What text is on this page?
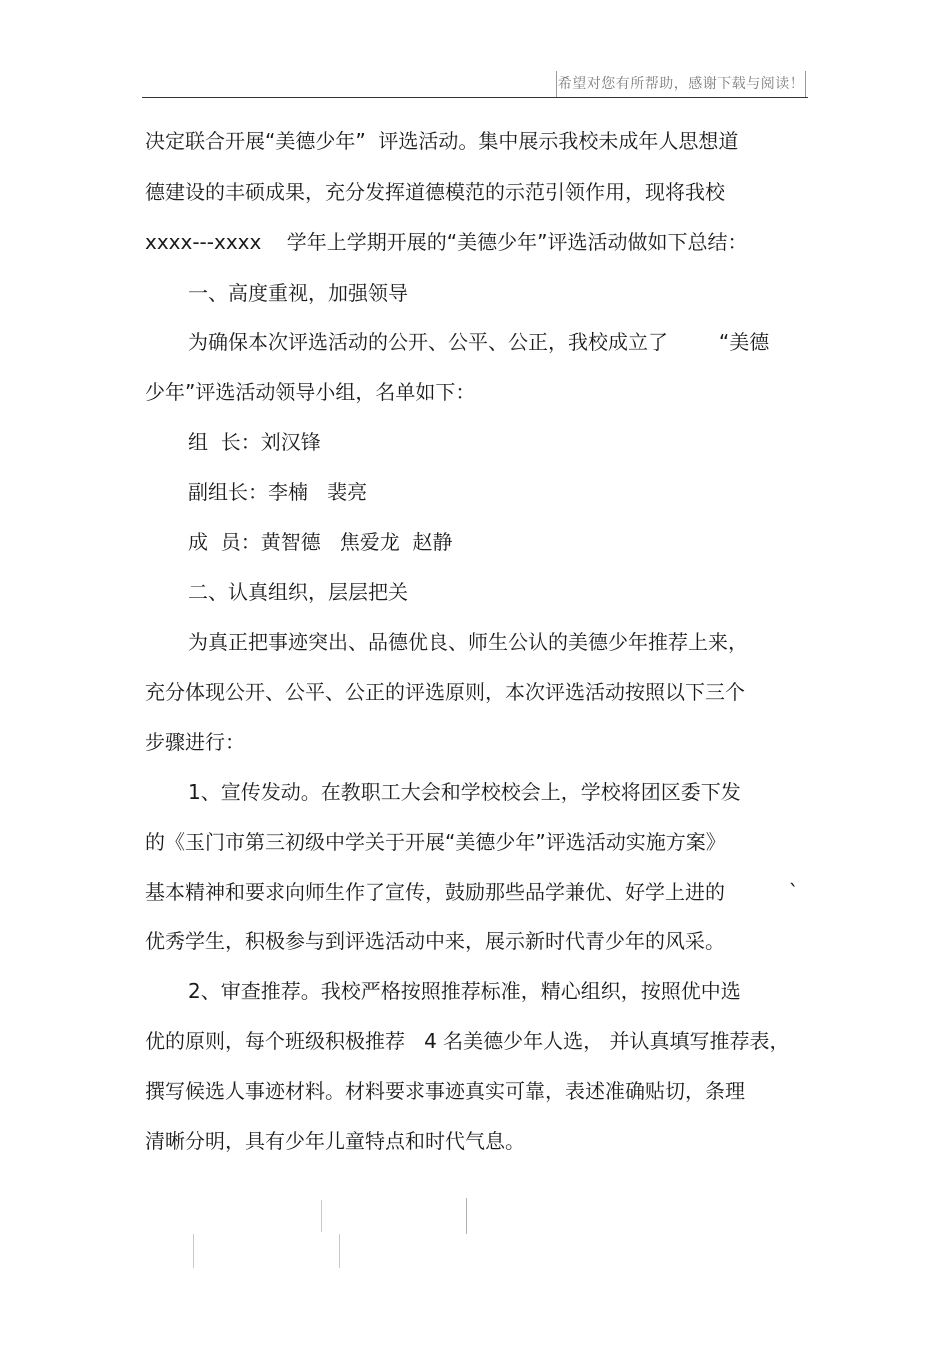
希望对您有所帮助，感谢下载与阅读！
决定联合开展“美德少年”  评选活动。集中展示我校未成年人思想道
德建设的丰硕成果，充分发挥道德模范的示范引领作用，现将我校
xxxx---xxxx    学年上学期开展的“美德少年”评选活动做如下总结：
一、高度重视，加强领导
为确保本次评选活动的公开、公平、公正，我校成立了        “美德
少年”评选活动领导小组，名单如下：
组  长：刘汉锋
副组长：李楠   裴亮
成  员：黄智德   焦爱龙  赵静
二、认真组织，层层把关
为真正把事迹突出、品德优良、师生公认的美德少年推荐上来，
充分体现公开、公平、公正的评选原则，本次评选活动按照以下三个
步骤进行：
1、宣传发动。在教职工大会和学校校会上，学校将团区委下发
的《玉门市第三初级中学关于开展“美德少年”评选活动实施方案》
基本精神和要求向师生作了宣传，鼓励那些品学兼优、好学上进的          `
优秀学生，积极参与到评选活动中来，展示新时代青少年的风采。
2、审查推荐。我校严格按照推荐标准，精心组织，按照优中选
优的原则，每个班级积极推荐   4 名美德少年人选， 并认真填写推荐表，
撰写候选人事迹材料。材料要求事迹真实可靠，表述准确贴切，条理
清晰分明，具有少年儿童特点和时代气息。
